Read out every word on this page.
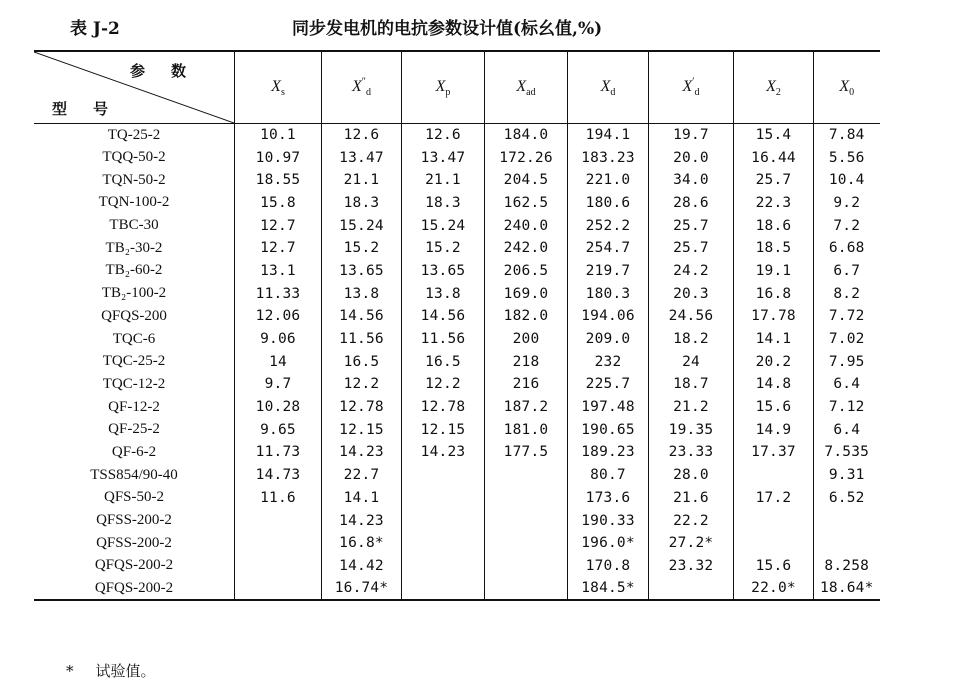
表 J-2	同步发电机的电抗参数设计值(标幺值,%)
参数
型号	$X_s$	$X''_d$	$X_p$	$X_{ad}$	$X_d$	$X'_d$	$X_2$	$X_0$
TQ-25-2	10.1	12.6	12.6	184.0	194.1	19.7	15.4	7.84
TQQ-50-2	10.97	13.47	13.47	172.26	183.23	20.0	16.44	5.56
TQN-50-2	18.55	21.1	21.1	204.5	221.0	34.0	25.7	10.4
TQN-100-2	15.8	18.3	18.3	162.5	180.6	28.6	22.3	9.2
TBC-30	12.7	15.24	15.24	240.0	252.2	25.7	18.6	7.2
TB₂-30-2	12.7	15.2	15.2	242.0	254.7	25.7	18.5	6.68
TB₂-60-2	13.1	13.65	13.65	206.5	219.7	24.2	19.1	6.7
TB₂-100-2	11.33	13.8	13.8	169.0	180.3	20.3	16.8	8.2
QFQS-200	12.06	14.56	14.56	182.0	194.06	24.56	17.78	7.72
TQC-6	9.06	11.56	11.56	200	209.0	18.2	14.1	7.02
TQC-25-2	14	16.5	16.5	218	232	24	20.2	7.95
TQC-12-2	9.7	12.2	12.2	216	225.7	18.7	14.8	6.4
QF-12-2	10.28	12.78	12.78	187.2	197.48	21.2	15.6	7.12
QF-25-2	9.65	12.15	12.15	181.0	190.65	19.35	14.9	6.4
QF-6-2	11.73	14.23	14.23	177.5	189.23	23.33	17.37	7.535
TSS854/90-40	14.73	22.7			80.7	28.0		9.31
QFS-50-2	11.6	14.1			173.6	21.6	17.2	6.52
QFSS-200-2		14.23			190.33	22.2		
QFSS-200-2		16.8*			196.0*	27.2*		
QFQS-200-2		14.42			170.8	23.32	15.6	8.258
QFQS-200-2		16.74*			184.5*		22.0*	18.64*
* 试验值。
